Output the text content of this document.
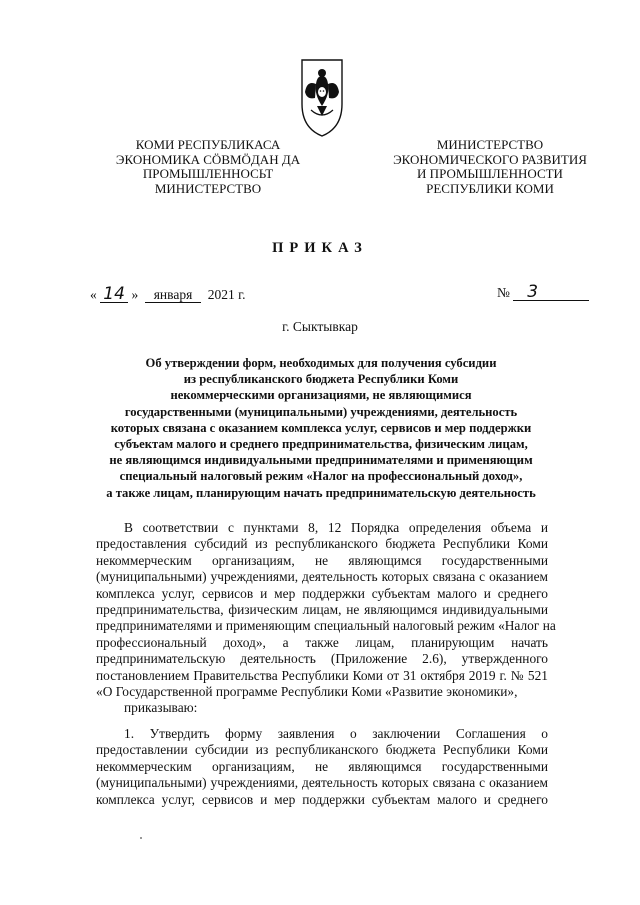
КОМИ РЕСПУБЛИКАСА
ЭКОНОМИКА СÖВМÖДАН ДА
ПРОМЫШЛЕННОСЬТ
МИНИСТЕРСТВО
МИНИСТЕРСТВО
ЭКОНОМИЧЕСКОГО РАЗВИТИЯ
И ПРОМЫШЛЕННОСТИ
РЕСПУБЛИКИ КОМИ
ПРИКАЗ
« 14 » января 2021 г.	№ 3
г. Сыктывкар
Об утверждении форм, необходимых для получения субсидии
из республиканского бюджета Республики Коми
некоммерческими организациями, не являющимися
государственными (муниципальными) учреждениями, деятельность
которых связана с оказанием комплекса услуг, сервисов и мер поддержки
субъектам малого и среднего предпринимательства, физическим лицам,
не являющимся индивидуальными предпринимателями и применяющим
специальный налоговый режим «Налог на профессиональный доход»,
а также лицам, планирующим начать предпринимательскую деятельность
В соответствии с пунктами 8, 12 Порядка определения объема и
предоставления субсидий из республиканского бюджета Республики Коми
некоммерческим организациям, не являющимся государственными
(муниципальными) учреждениями, деятельность которых связана с оказанием
комплекса услуг, сервисов и мер поддержки субъектам малого и среднего
предпринимательства, физическим лицам, не являющимся индивидуальными
предпринимателями и применяющим специальный налоговый режим «Налог на
профессиональный доход», а также лицам, планирующим начать
предпринимательскую деятельность (Приложение 2.6), утвержденного
постановлением Правительства Республики Коми от 31 октября 2019 г. № 521
«О Государственной программе Республики Коми «Развитие экономики»,
приказываю:
1. Утвердить форму заявления о заключении Соглашения о
предоставлении субсидии из республиканского бюджета Республики Коми
некоммерческим организациям, не являющимся государственными
(муниципальными) учреждениями, деятельность которых связана с оказанием
комплекса услуг, сервисов и мер поддержки субъектам малого и среднего
